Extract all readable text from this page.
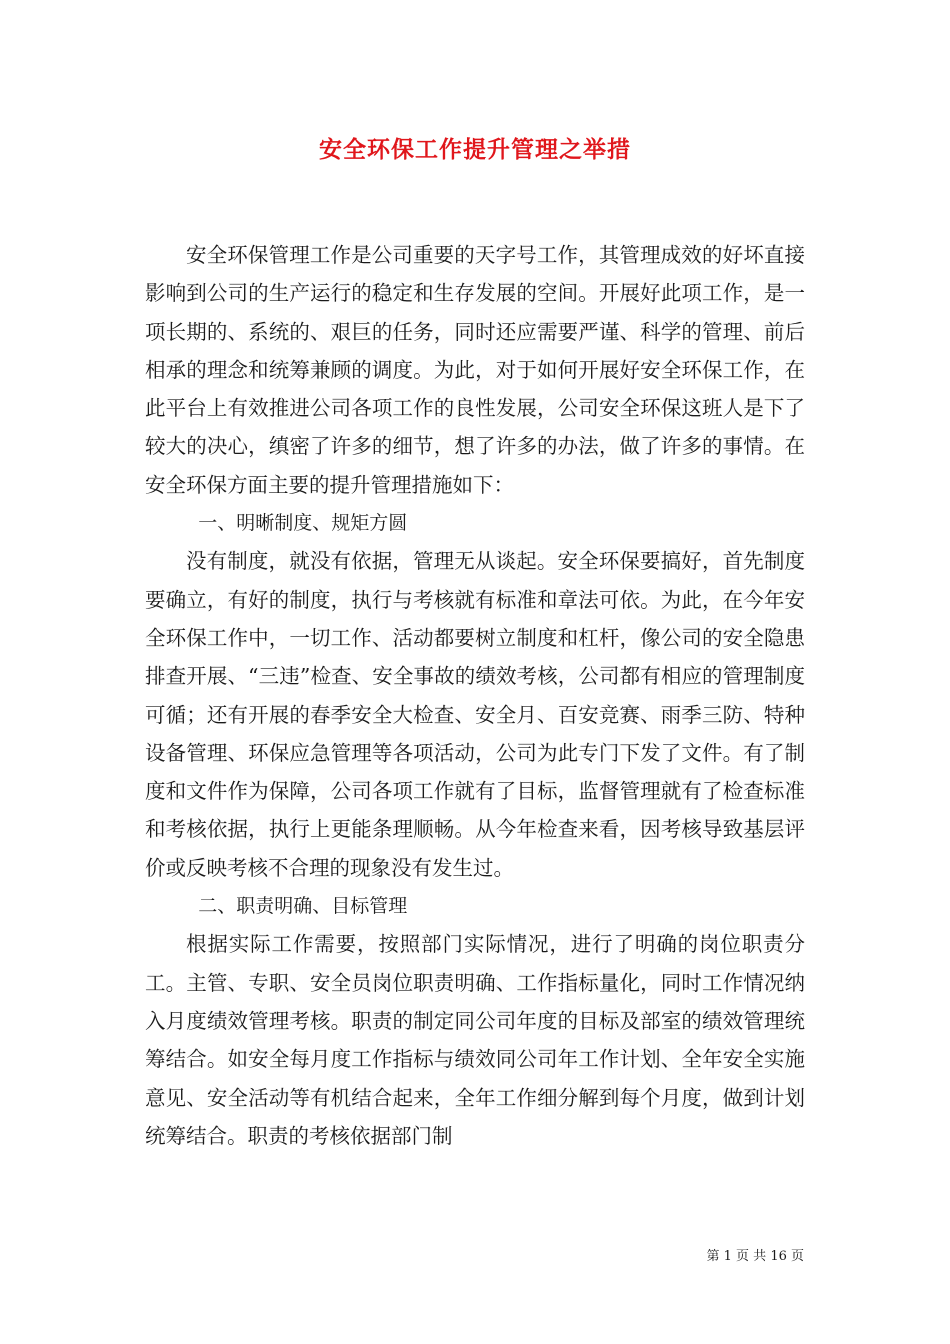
安全环保工作提升管理之举措

安全环保管理工作是公司重要的天字号工作，其管理成效的好坏直接影响到公司的生产运行的稳定和生存发展的空间。开展好此项工作，是一项长期的、系统的、艰巨的任务，同时还应需要严谨、科学的管理、前后相承的理念和统筹兼顾的调度。为此，对于如何开展好安全环保工作，在此平台上有效推进公司各项工作的良性发展，公司安全环保这班人是下了较大的决心，缜密了许多的细节，想了许多的办法，做了许多的事情。在安全环保方面主要的提升管理措施如下：

一、明晰制度、规矩方圆

没有制度，就没有依据，管理无从谈起。安全环保要搞好，首先制度要确立，有好的制度，执行与考核就有标准和章法可依。为此，在今年安全环保工作中，一切工作、活动都要树立制度和杠杆，像公司的安全隐患排查开展、“三违”检查、安全事故的绩效考核，公司都有相应的管理制度可循；还有开展的春季安全大检查、安全月、百安竞赛、雨季三防、特种设备管理、环保应急管理等各项活动，公司为此专门下发了文件。有了制度和文件作为保障，公司各项工作就有了目标，监督管理就有了检查标准和考核依据，执行上更能条理顺畅。从今年检查来看，因考核导致基层评价或反映考核不合理的现象没有发生过。

二、职责明确、目标管理

根据实际工作需要，按照部门实际情况，进行了明确的岗位职责分工。主管、专职、安全员岗位职责明确、工作指标量化，同时工作情况纳入月度绩效管理考核。职责的制定同公司年度的目标及部室的绩效管理统筹结合。如安全每月度工作指标与绩效同公司年工作计划、全年安全实施意见、安全活动等有机结合起来，全年工作细分解到每个月度，做到计划统筹结合。职责的考核依据部门制

第 1 页 共 16 页
